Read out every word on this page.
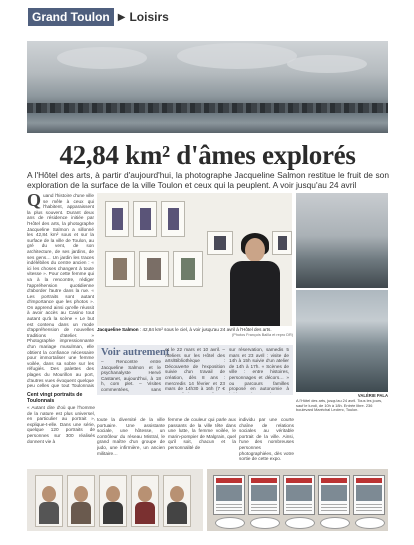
Grand Toulon ▶ Loisirs
42,84 km² d'âmes explorés
A l'Hôtel des arts, à partir d'aujourd'hui, la photographe Jacqueline Salmon restitue le fruit de son exploration de la surface de la ville Toulon et ceux qui la peuplent. A voir jusqu'au 24 avril
Quand l'histoire d'une ville se mêle à ceux qui l'habitent, apparaissent la plus souvent. Durant deux ans de résidence initiée par l'Hôtel des arts, la photographe Jacqueline Salmon a sillonné les 42,84 km² sous et sur la surface de la ville de Toulon, au gré du vent, de son architecture, de ses jardins, de ses gens… Un jardin les traces indélébiles du centre ancien : « ici les choses changent à toute vitesse ». Pour cette femme qui va à la rencontre, rédiger l'appréhension quotidienne d'aborder l'autre dans la rue. « Les portraits sont autant d'importance que les photos ». On apprend ainsi qu'elle réussit à avoir accès au Casino tout autant qu'à la scène « Le but est contenu dans un mode d'appréhension de nouvelles traditions d'atelier. » Photographie impressionnante d'un mariage musulman, elle obtient la confiance nécessaire pour immortaliser une femme voilée, dans sa sobre sur les réfugiés. Des palettes des plages du Mourillon au port, d'autres vues évoquent quelque peu celles que tout Toulonnais
Jacqueline Salmon : 42,84 km² sous le ciel, à voir jusqu'au 24 avril à l'Hôtel des arts.
(Photos François Bailla et repro DR)
VALÉRIE PALA
Voir autrement
– Rencontre entre Jacqueline Salmon et le psychanalyste Hervé Castanet, aujourd'hui, à 18 h, com plet. – Visites commentées, sans
et le 22 mars et 10 avril. – Ateliers sur les Hôtel des arts/Bibliothèque : Découverte de l'exposition suivie d'un travail de création, dès 8 ans : mercredis 14 février et 23 mars de 14h30 à 16h (7 €
sur réservation, samedis 5 mars et 23 avril : visite de 14h à 15h suivie d'un atelier de 14h à 17h. « Scènes de ville : entre histoires, personnages et décors… » ou parcours familles proposé en autonomie à
Cent vingt portraits de Toulonnais
« Autant dire d'où que l'homme de la nature est plus universel, en particulier au portrait », explique-t-elle. Dans une série, quelque 120 portraits de personnes sur 300 réalisés donnent vie à
toute la diversité de la ville portuaire. Une assistante sociale, une hôtesse, un contrôleur du réseau Mistral, le grand maître d'un groupe de judo, une infirmière, un ancien militaire…
femme de couleur qui parle aux passants de la ville tête dans une lutte, la femme voilée, le marin-pompier de Malgrain, quel qu'il soit, chacun et la personnalité de
individu par une courte chaîne de relations sociales au véritable portrait de la ville. Ainsi, l'une des nombreuses personnes photographiées, dès votre sortie de cette expo.
A l'Hôtel des arts, jusqu'au 24 avril. Tous les jours, sauf le lundi, de 10h à 18h. Entrée libre. 236 boulevard Maréchal Leclerc, Toulon.
